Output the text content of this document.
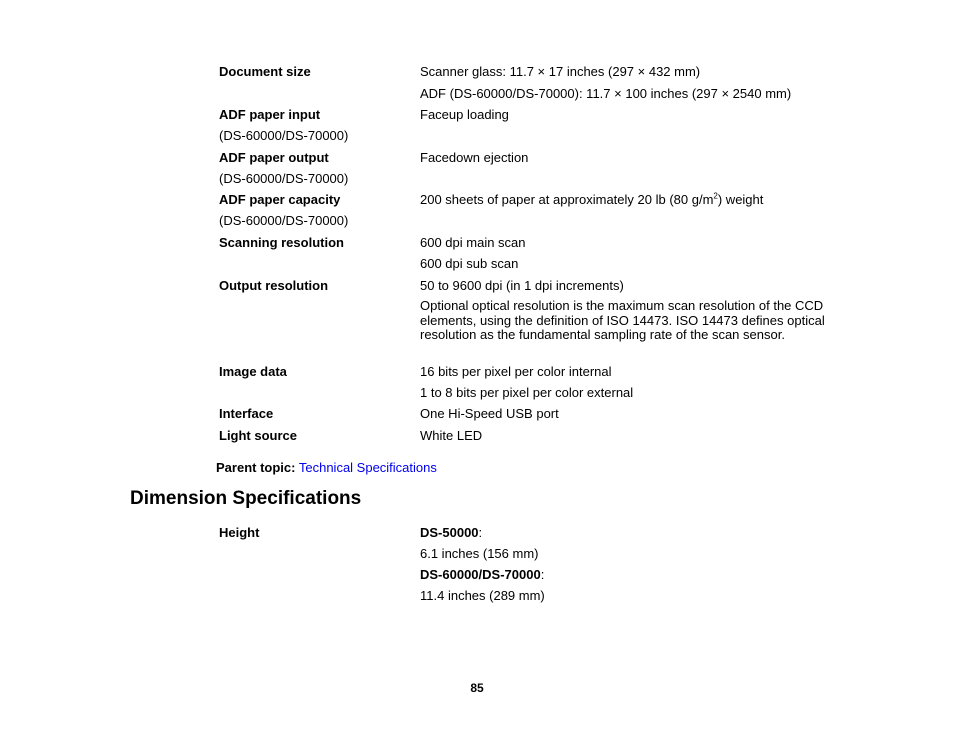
Document size	Scanner glass: 11.7 × 17 inches (297 × 432 mm)
ADF (DS-60000/DS-70000): 11.7 × 100 inches (297 × 2540 mm)
ADF paper input	Faceup loading
(DS-60000/DS-70000)
ADF paper output	Facedown ejection
(DS-60000/DS-70000)
ADF paper capacity	200 sheets of paper at approximately 20 lb (80 $g/m^2$) weight
(DS-60000/DS-70000)
Scanning resolution	600 dpi main scan
600 dpi sub scan
Output resolution	50 to 9600 dpi (in 1 dpi increments)
Optional optical resolution is the maximum scan resolution of the CCD elements, using the definition of ISO 14473. ISO 14473 defines optical resolution as the fundamental sampling rate of the scan sensor.
Image data	16 bits per pixel per color internal
1 to 8 bits per pixel per color external
Interface	One Hi-Speed USB port
Light source	White LED
Parent topic: Technical Specifications
Dimension Specifications
Height	DS-50000:
6.1 inches (156 mm)
DS-60000/DS-70000:
11.4 inches (289 mm)
85
